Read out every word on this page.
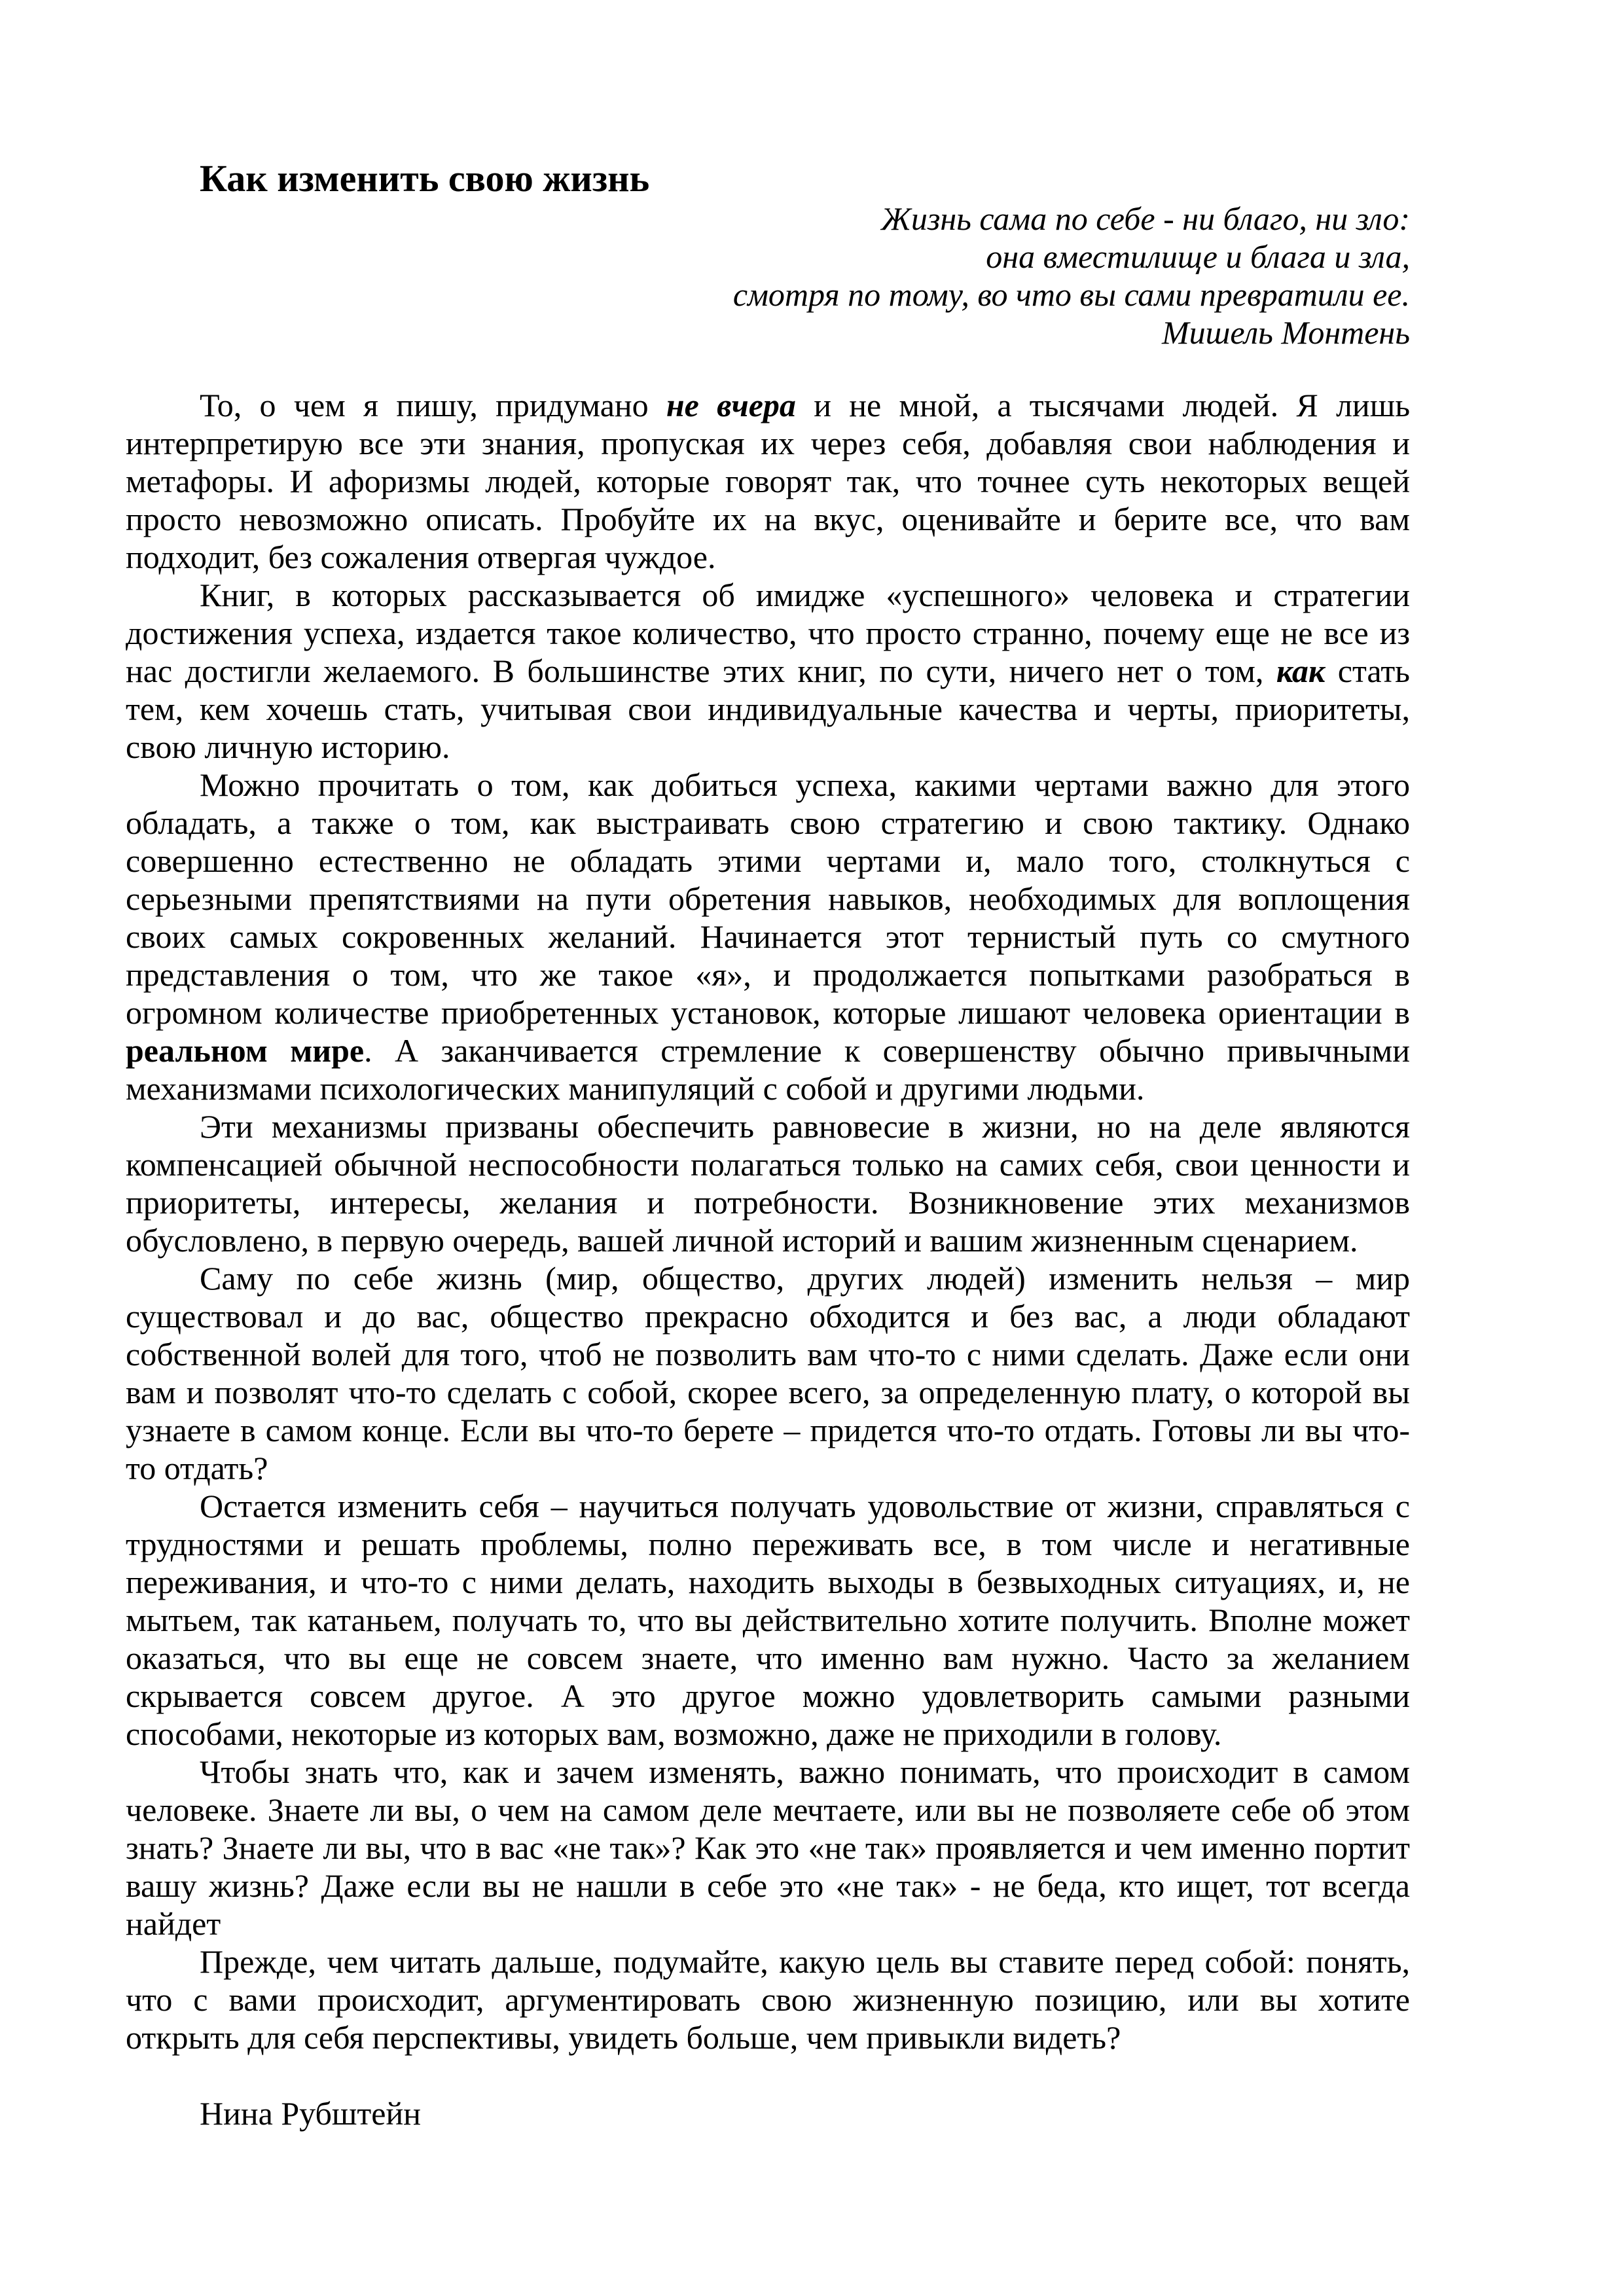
Как изменить свою жизнь
Жизнь сама по себе - ни благо, ни зло:
она вместилище и блага и зла,
смотря по тому, во что вы сами превратили ее.
Мишель Монтень
То, о чем я пишу, придумано не вчера и не мной, а тысячами людей. Я лишь
интерпретирую все эти знания, пропуская их через себя, добавляя свои наблюдения и
метафоры. И афоризмы людей, которые говорят так, что точнее суть некоторых вещей
просто невозможно описать. Пробуйте их на вкус, оценивайте и берите все, что вам
подходит, без сожаления отвергая чуждое.
Книг, в которых рассказывается об имидже «успешного» человека и стратегии
достижения успеха, издается такое количество, что просто странно, почему еще не все из
нас достигли желаемого. В большинстве этих книг, по сути, ничего нет о том, как стать
тем, кем хочешь стать, учитывая свои индивидуальные качества и черты, приоритеты,
свою личную историю.
Можно прочитать о том, как добиться успеха, какими чертами важно для этого
обладать, а также о том, как выстраивать свою стратегию и свою тактику. Однако
совершенно естественно не обладать этими чертами и, мало того, столкнуться с
серьезными препятствиями на пути обретения навыков, необходимых для воплощения
своих самых сокровенных желаний. Начинается этот тернистый путь со смутного
представления о том, что же такое «я», и продолжается попытками разобраться в
огромном количестве приобретенных установок, которые лишают человека ориентации в
реальном мире. А заканчивается стремление к совершенству обычно привычными
механизмами психологических манипуляций с собой и другими людьми.
Эти механизмы призваны обеспечить равновесие в жизни, но на деле являются
компенсацией обычной неспособности полагаться только на самих себя, свои ценности и
приоритеты, интересы, желания и потребности. Возникновение этих механизмов
обусловлено, в первую очередь, вашей личной историй и вашим жизненным сценарием.
Саму по себе жизнь (мир, общество, других людей) изменить нельзя – мир
существовал и до вас, общество прекрасно обходится и без вас, а люди обладают
собственной волей для того, чтоб не позволить вам что-то с ними сделать. Даже если они
вам и позволят что-то сделать с собой, скорее всего, за определенную плату, о которой вы
узнаете в самом конце. Если вы что-то берете – придется что-то отдать. Готовы ли вы что-
то отдать?
Остается изменить себя – научиться получать удовольствие от жизни, справляться с
трудностями и решать проблемы, полно переживать все, в том числе и негативные
переживания, и что-то с ними делать, находить выходы в безвыходных ситуациях, и, не
мытьем, так катаньем, получать то, что вы действительно хотите получить. Вполне может
оказаться, что вы еще не совсем знаете, что именно вам нужно. Часто за желанием
скрывается совсем другое. А это другое можно удовлетворить самыми разными
способами, некоторые из которых вам, возможно, даже не приходили в голову.
Чтобы знать что, как и зачем изменять, важно понимать, что происходит в самом
человеке. Знаете ли вы, о чем на самом деле мечтаете, или вы не позволяете себе об этом
знать? Знаете ли вы, что в вас «не так»? Как это «не так» проявляется и чем именно портит
вашу жизнь? Даже если вы не нашли в себе это «не так» - не беда, кто ищет, тот всегда
найдет
Прежде, чем читать дальше, подумайте, какую цель вы ставите перед собой: понять,
что с вами происходит, аргументировать свою жизненную позицию, или вы хотите
открыть для себя перспективы, увидеть больше, чем привыкли видеть?
Нина Рубштейн
